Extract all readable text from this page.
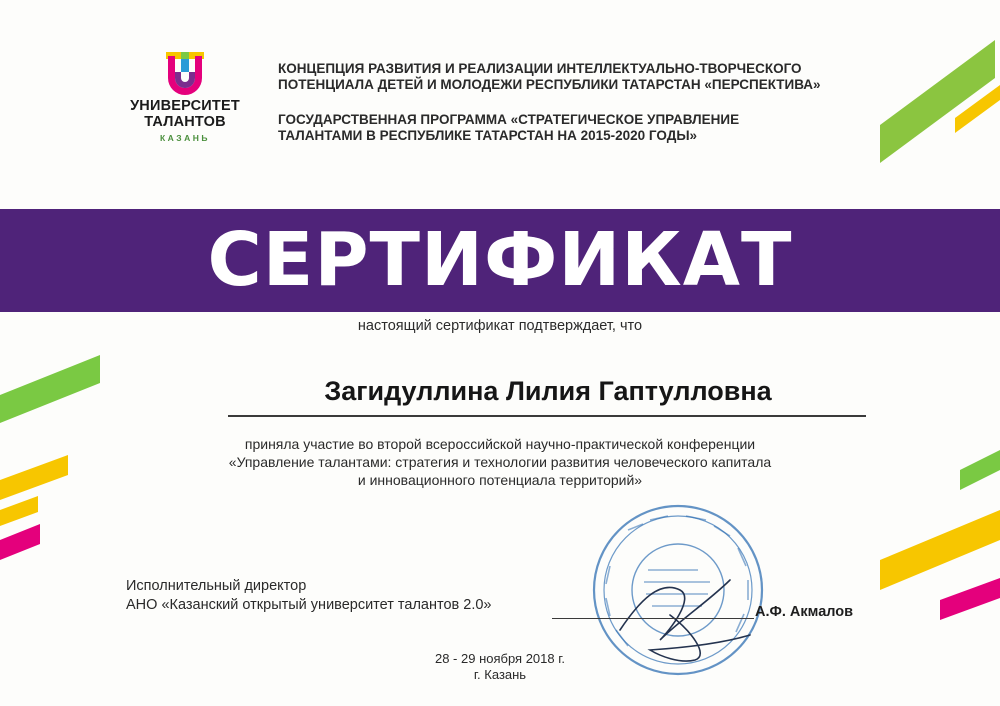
УНИВЕРСИТЕТ
ТАЛАНТОВ
КАЗАНЬ
КОНЦЕПЦИЯ РАЗВИТИЯ И РЕАЛИЗАЦИИ ИНТЕЛЛЕКТУАЛЬНО-ТВОРЧЕСКОГО
ПОТЕНЦИАЛА ДЕТЕЙ И МОЛОДЕЖИ РЕСПУБЛИКИ ТАТАРСТАН «ПЕРСПЕКТИВА»
ГОСУДАРСТВЕННАЯ ПРОГРАММА «СТРАТЕГИЧЕСКОЕ УПРАВЛЕНИЕ
ТАЛАНТАМИ В РЕСПУБЛИКЕ ТАТАРСТАН НА 2015-2020 ГОДЫ»
СЕРТИФИКАТ
настоящий сертификат подтверждает, что
Загидуллина Лилия Гаптулловна
приняла участие во второй всероссийской научно-практической конференции
«Управление талантами: стратегия и технологии развития человеческого капитала
и инновационного потенциала территорий»
Исполнительный директор
АНО «Казанский открытый университет талантов 2.0»	А.Ф. Акмалов
28 - 29 ноября 2018 г.
г. Казань
